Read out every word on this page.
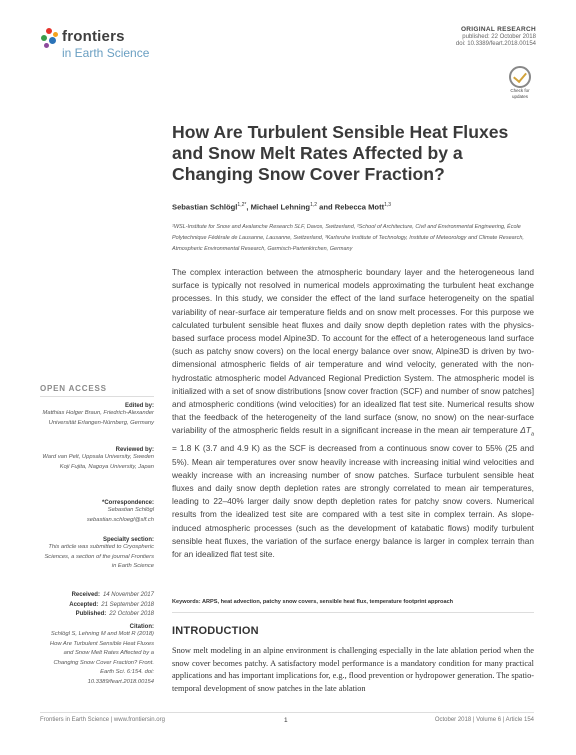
frontiers
in Earth Science
ORIGINAL RESEARCH
published: 22 October 2018
doi: 10.3389/feart.2018.00154
Check for
updates
How Are Turbulent Sensible Heat Fluxes and Snow Melt Rates Affected by a Changing Snow Cover Fraction?
Sebastian Schlögl$^{1,2*}$, Michael Lehning$^{1,2}$ and Rebecca Mott$^{1,3}$
¹WSL-Institute for Snow and Avalanche Research SLF, Davos, Switzerland, ²School of Architecture, Civil and Environmental Engineering, École Polytechnique Fédérale de Lausanne, Lausanne, Switzerland, ³Karlsruhe Institute of Technology, Institute of Meteorology and Climate Research, Atmospheric Environmental Research, Garmisch-Partenkirchen, Germany
The complex interaction between the atmospheric boundary layer and the heterogeneous land surface is typically not resolved in numerical models approximating the turbulent heat exchange processes. In this study, we consider the effect of the land surface heterogeneity on the spatial variability of near-surface air temperature fields and on snow melt processes. For this purpose we calculated turbulent sensible heat fluxes and daily snow depth depletion rates with the physics-based surface process model Alpine3D. To account for the effect of a heterogeneous land surface (such as patchy snow covers) on the local energy balance over snow, Alpine3D is driven by two-dimensional atmospheric fields of air temperature and wind velocity, generated with the non-hydrostatic atmospheric model Advanced Regional Prediction System. The atmospheric model is initialized with a set of snow distributions [snow cover fraction (SCF) and number of snow patches] and atmospheric conditions (wind velocities) for an idealized flat test site. Numerical results show that the feedback of the heterogeneity of the land surface (snow, no snow) on the near-surface variability of the atmospheric fields result in a significant increase in the mean air temperature $\Delta T_a = 1.8$ K (3.7 and 4.9 K) as the SCF is decreased from a continuous snow cover to 55% (25 and 5%). Mean air temperatures over snow heavily increase with increasing initial wind velocities and weakly increase with an increasing number of snow patches. Surface turbulent sensible heat fluxes and daily snow depth depletion rates are strongly correlated to mean air temperatures, leading to 22–40% larger daily snow depth depletion rates for patchy snow covers. Numerical results from the idealized test site are compared with a test site in complex terrain. As slope-induced atmospheric processes (such as the development of katabatic flows) modify turbulent sensible heat fluxes, the variation of the surface energy balance is larger in complex terrain than for an idealized flat test site.
Keywords: ARPS, heat advection, patchy snow covers, sensible heat flux, temperature footprint approach
INTRODUCTION
Snow melt modeling in an alpine environment is challenging especially in the late ablation period when the snow cover becomes patchy. A satisfactory model performance is a mandatory condition for many practical applications and has important implications for, e.g., flood prevention or hydropower generation. The spatio-temporal development of snow patches in the late ablation
OPEN ACCESS
Edited by:
Matthias Holger Braun, Friedrich-Alexander Universität Erlangen-Nürnberg, Germany
Reviewed by:
Ward van Pelt, Uppsala University, Sweden
Koji Fujita, Nagoya University, Japan
*Correspondence:
Sebastian Schlögl sebastian.schloegl@slf.ch
Specialty section:
This article was submitted to Cryospheric Sciences, a section of the journal Frontiers in Earth Science
Received: 14 November 2017
Accepted: 21 September 2018
Published: 22 October 2018
Citation:
Schlögl S, Lehning M and Mott R (2018) How Are Turbulent Sensible Heat Fluxes and Snow Melt Rates Affected by a Changing Snow Cover Fraction? Front. Earth Sci. 6:154. doi: 10.3389/feart.2018.00154
Frontiers in Earth Science | www.frontiersin.org	1	October 2018 | Volume 6 | Article 154
